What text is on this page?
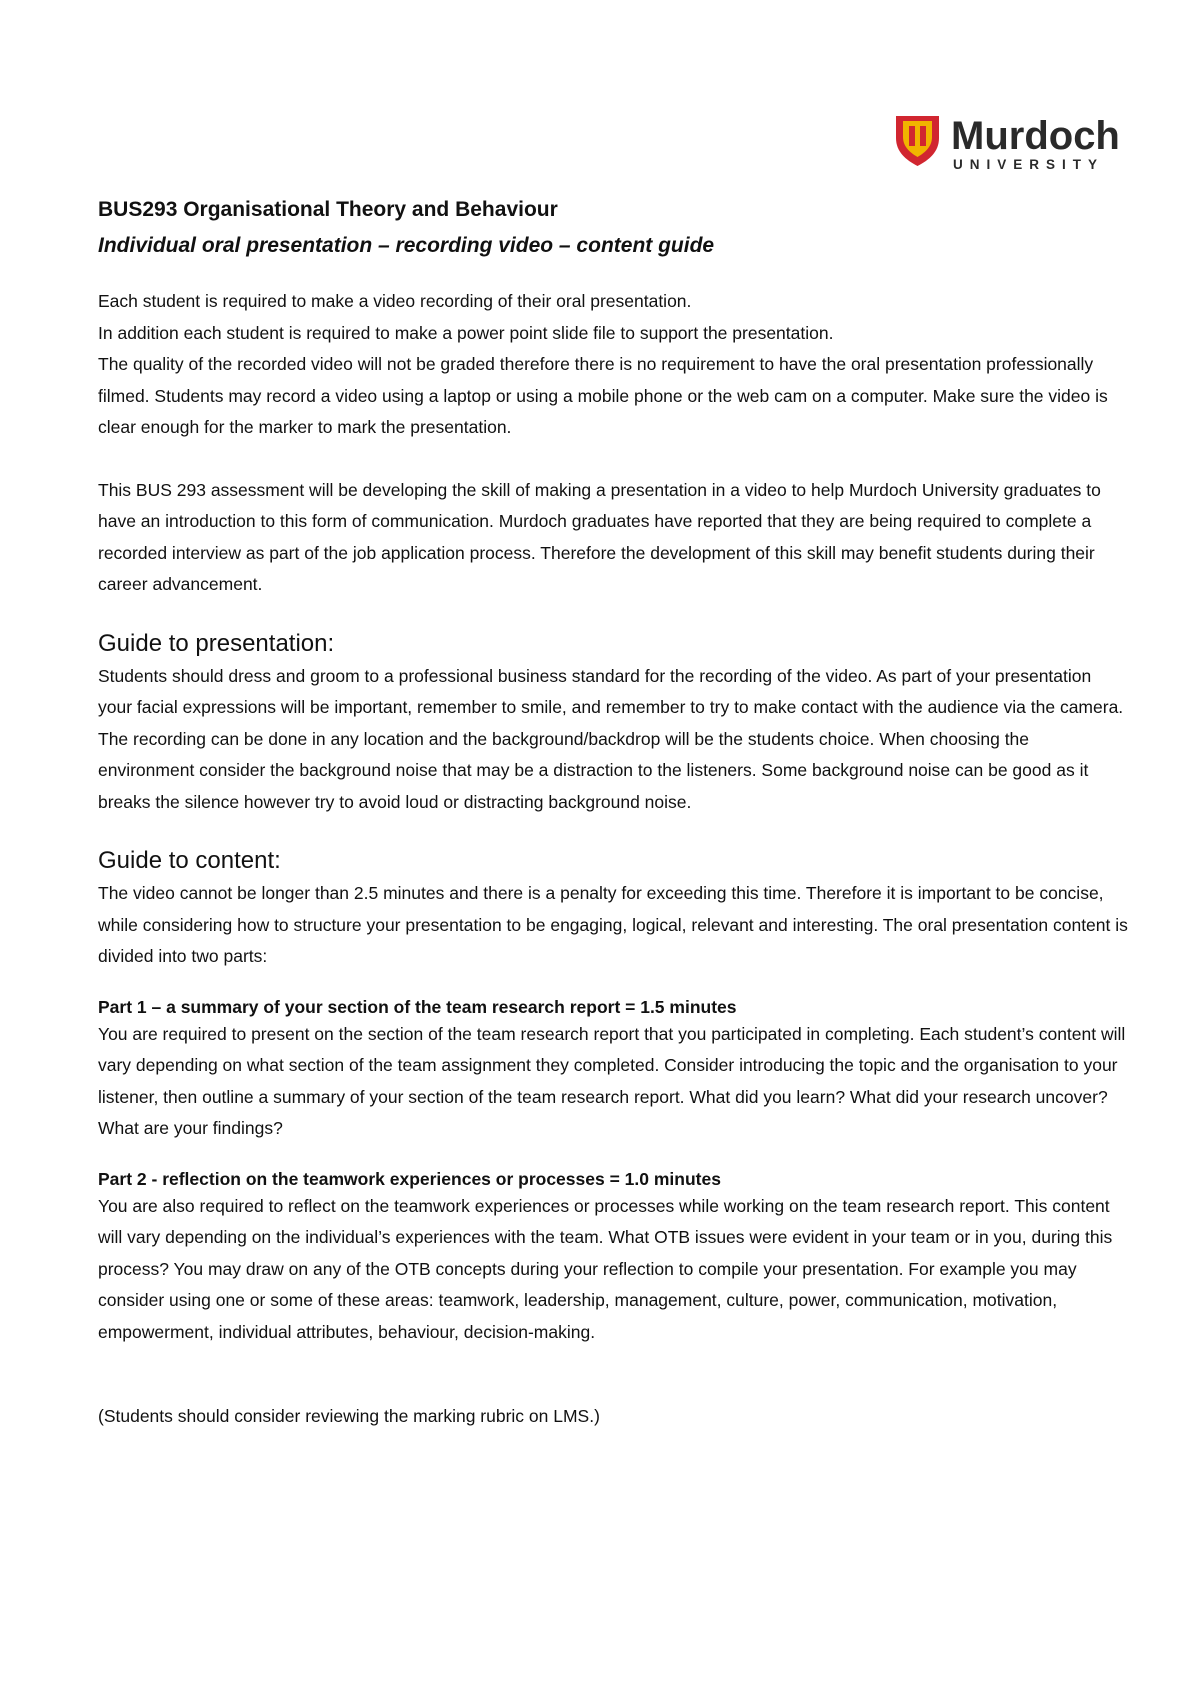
Murdoch
UNIVERSITY

BUS293 Organisational Theory and Behaviour

Individual oral presentation – recording video – content guide

Each student is required to make a video recording of their oral presentation.
In addition each student is required to make a power point slide file to support the presentation.
The quality of the recorded video will not be graded therefore there is no requirement to have the oral presentation professionally filmed. Students may record a video using a laptop or using a mobile phone or the web cam on a computer. Make sure the video is clear enough for the marker to mark the presentation.

This BUS 293 assessment will be developing the skill of making a presentation in a video to help Murdoch University graduates to have an introduction to this form of communication. Murdoch graduates have reported that they are being required to complete a recorded interview as part of the job application process. Therefore the development of this skill may benefit students during their career advancement.

Guide to presentation:
Students should dress and groom to a professional business standard for the recording of the video. As part of your presentation your facial expressions will be important, remember to smile, and remember to try to make contact with the audience via the camera.
The recording can be done in any location and the background/backdrop will be the students choice. When choosing the environment consider the background noise that may be a distraction to the listeners. Some background noise can be good as it breaks the silence however try to avoid loud or distracting background noise.
Guide to content:

The video cannot be longer than 2.5 minutes and there is a penalty for exceeding this time. Therefore it is important to be concise, while considering how to structure your presentation to be engaging, logical, relevant and interesting. The oral presentation content is divided into two parts:

Part 1 – a summary of your section of the team research report = 1.5 minutes

You are required to present on the section of the team research report that you participated in completing. Each student’s content will vary depending on what section of the team assignment they completed. Consider introducing the topic and the organisation to your listener, then outline a summary of your section of the team research report. What did you learn? What did your research uncover? What are your findings?

Part 2 - reflection on the teamwork experiences or processes = 1.0 minutes

You are also required to reflect on the teamwork experiences or processes while working on the team research report. This content will vary depending on the individual’s experiences with the team. What OTB issues were evident in your team or in you, during this process? You may draw on any of the OTB concepts during your reflection to compile your presentation. For example you may consider using one or some of these areas: teamwork, leadership, management, culture, power, communication, motivation, empowerment, individual attributes, behaviour, decision-making.

(Students should consider reviewing the marking rubric on LMS.)
